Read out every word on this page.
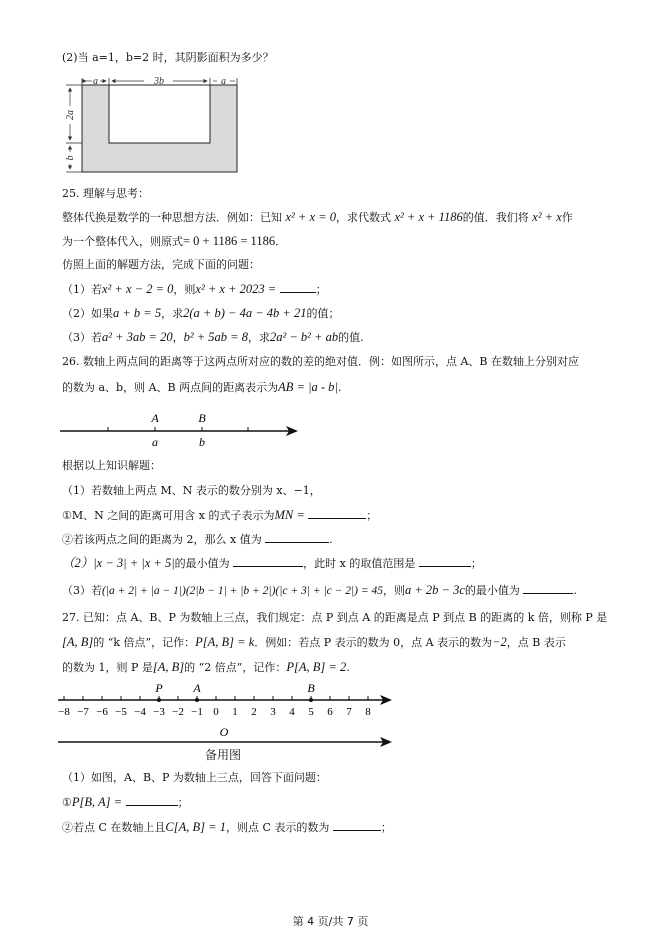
(2)当 a=1，b=2 时，其阴影面积为多少？
a	3b	a
2a
b
25. 理解与思考：
整体代换是数学的一种思想方法．例如：已知 x² + x = 0，求代数式 x² + x + 1186的值．我们将 x² + x作
为一个整体代入，则原式= 0 + 1186 = 1186．
仿照上面的解题方法，完成下面的问题：
（1）若x² + x − 2 = 0，则x² + x + 2023 =	；
（2）如果a + b = 5，求2(a + b) − 4a − 4b + 21的值；
（3）若a² + 3ab = 20，b² + 5ab = 8，求2a² − b² + ab的值.
26. 数轴上两点间的距离等于这两点所对应的数的差的绝对值．例：如图所示，点 A、B 在数轴上分别对应
的数为 a、b，则 A、B 两点间的距离表示为AB = |a - b|.
A	B
a	b
根据以上知识解题：
（1）若数轴上两点 M、N 表示的数分别为 x、−1，
①M、N 之间的距离可用含 x 的式子表示为MN =	；
②若该两点之间的距离为 2，那么 x 值为	.
（2）|x − 3| + |x + 5|的最小值为	，此时 x 的取值范围是	；
（3）若(|a + 2| + |a − 1|)(2|b − 1| + |b + 2|)(|c + 3| + |c − 2|) = 45，则a + 2b − 3c的最小值为	.
27. 已知：点 A、B、P 为数轴上三点，我们规定：点 P 到点 A 的距离是点 P 到点 B 的距离的 k 倍，则称 P 是
[A, B]的 “k 倍点”，记作：P[A, B] = k．例如：若点 P 表示的数为 0，点 A 表示的数为−2，点 B 表示
的数为 1，则 P 是[A, B]的 “2 倍点”，记作：P[A, B] = 2.
−8 −7 −6 −5 −4 −3 −2 −1 0 1 2 3 4 5 6 7 8
P	A	B
O
备用图
（1）如图，A、B、P 为数轴上三点，回答下面问题：
①P[B, A] =	；
②若点 C 在数轴上且C[A, B] = 1，则点 C 表示的数为	；
第 4 页/共 7 页
